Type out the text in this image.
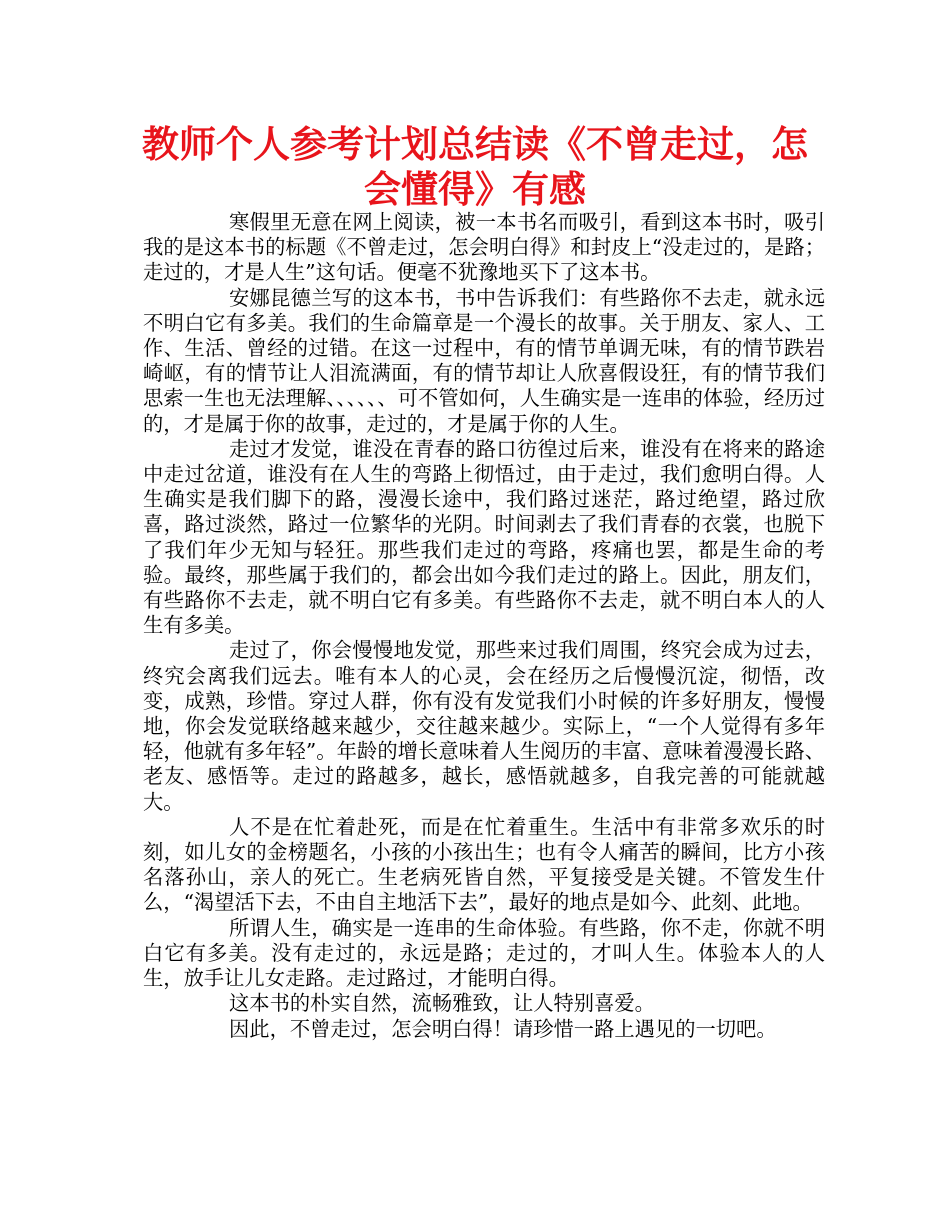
教师个人参考计划总结读《不曾走过，怎会懂得》有感

寒假里无意在网上阅读，被一本书名而吸引，看到这本书时，吸引我的是这本书的标题《不曾走过，怎会明白得》和封皮上“没走过的，是路；走过的，才是人生”这句话。便毫不犹豫地买下了这本书。

安娜昆德兰写的这本书，书中告诉我们：有些路你不去走，就永远不明白它有多美。我们的生命篇章是一个漫长的故事。关于朋友、家人、工作、生活、曾经的过错。在这一过程中，有的情节单调无味，有的情节跌岩崎岖，有的情节让人泪流满面，有的情节却让人欣喜假设狂，有的情节我们思索一生也无法理解、、、、、、可不管如何，人生确实是一连串的体验，经历过的，才是属于你的故事，走过的，才是属于你的人生。

走过才发觉，谁没在青春的路口彷徨过后来，谁没有在将来的路途中走过岔道，谁没有在人生的弯路上彻悟过，由于走过，我们愈明白得。人生确实是我们脚下的路，漫漫长途中，我们路过迷茫，路过绝望，路过欣喜，路过淡然，路过一位繁华的光阴。时间剥去了我们青春的衣裳，也脱下了我们年少无知与轻狂。那些我们走过的弯路，疼痛也罢，都是生命的考验。最终，那些属于我们的，都会出如今我们走过的路上。因此，朋友们，有些路你不去走，就不明白它有多美。有些路你不去走，就不明白本人的人生有多美。

走过了，你会慢慢地发觉，那些来过我们周围，终究会成为过去，终究会离我们远去。唯有本人的心灵，会在经历之后慢慢沉淀，彻悟，改变，成熟，珍惜。穿过人群，你有没有发觉我们小时候的许多好朋友，慢慢地，你会发觉联络越来越少，交往越来越少。实际上，“一个人觉得有多年轻，他就有多年轻”。年龄的增长意味着人生阅历的丰富、意味着漫漫长路、老友、感悟等。走过的路越多，越长，感悟就越多，自我完善的可能就越大。

人不是在忙着赴死，而是在忙着重生。生活中有非常多欢乐的时刻，如儿女的金榜题名，小孩的小孩出生；也有令人痛苦的瞬间，比方小孩名落孙山，亲人的死亡。生老病死皆自然，平复接受是关键。不管发生什么，“渴望活下去，不由自主地活下去”，最好的地点是如今、此刻、此地。

所谓人生，确实是一连串的生命体验。有些路，你不走，你就不明白它有多美。没有走过的，永远是路；走过的，才叫人生。体验本人的人生，放手让儿女走路。走过路过，才能明白得。

这本书的朴实自然，流畅雅致，让人特别喜爱。

因此，不曾走过，怎会明白得！请珍惜一路上遇见的一切吧。
